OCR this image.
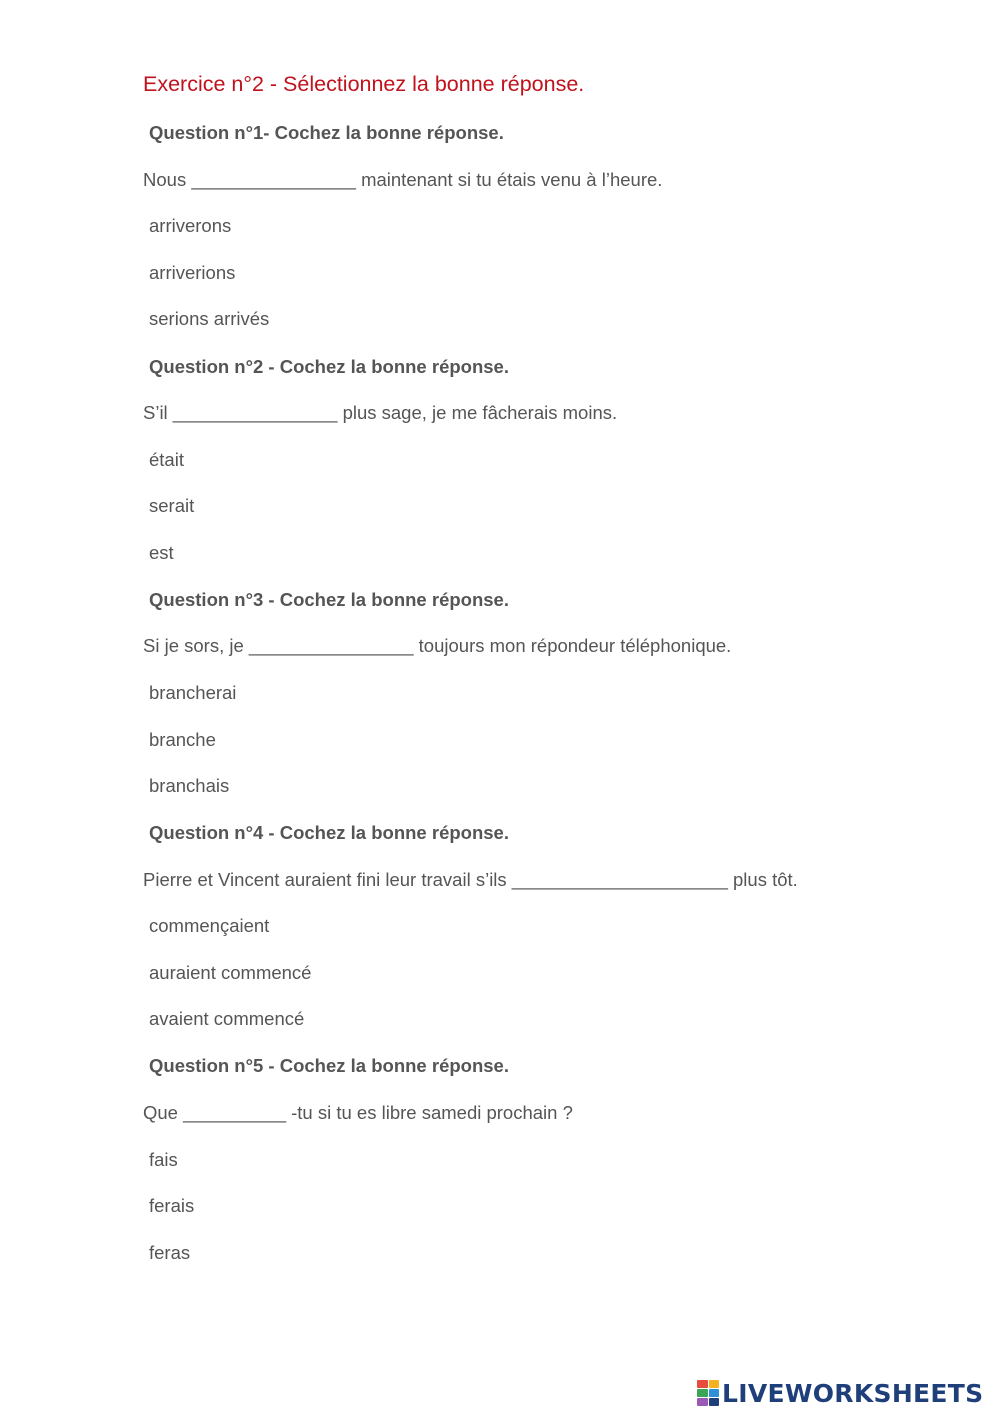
Exercice n°2 - Sélectionnez la bonne réponse.
Question n°1- Cochez la bonne réponse.
Nous ________________ maintenant si tu étais venu à l’heure.
arriverons
arriverions
serions arrivés
Question n°2 - Cochez la bonne réponse.
S’il ________________ plus sage, je me fâcherais moins.
était
serait
est
Question n°3 - Cochez la bonne réponse.
Si je sors, je ________________ toujours mon répondeur téléphonique.
brancherai
branche
branchais
Question n°4 - Cochez la bonne réponse.
Pierre et Vincent auraient fini leur travail s’ils _____________________ plus tôt.
commençaient
auraient commencé
avaient commencé
Question n°5 - Cochez la bonne réponse.
Que __________ -tu si tu es libre samedi prochain ?
fais
ferais
feras
LIVEWORKSHEETS
